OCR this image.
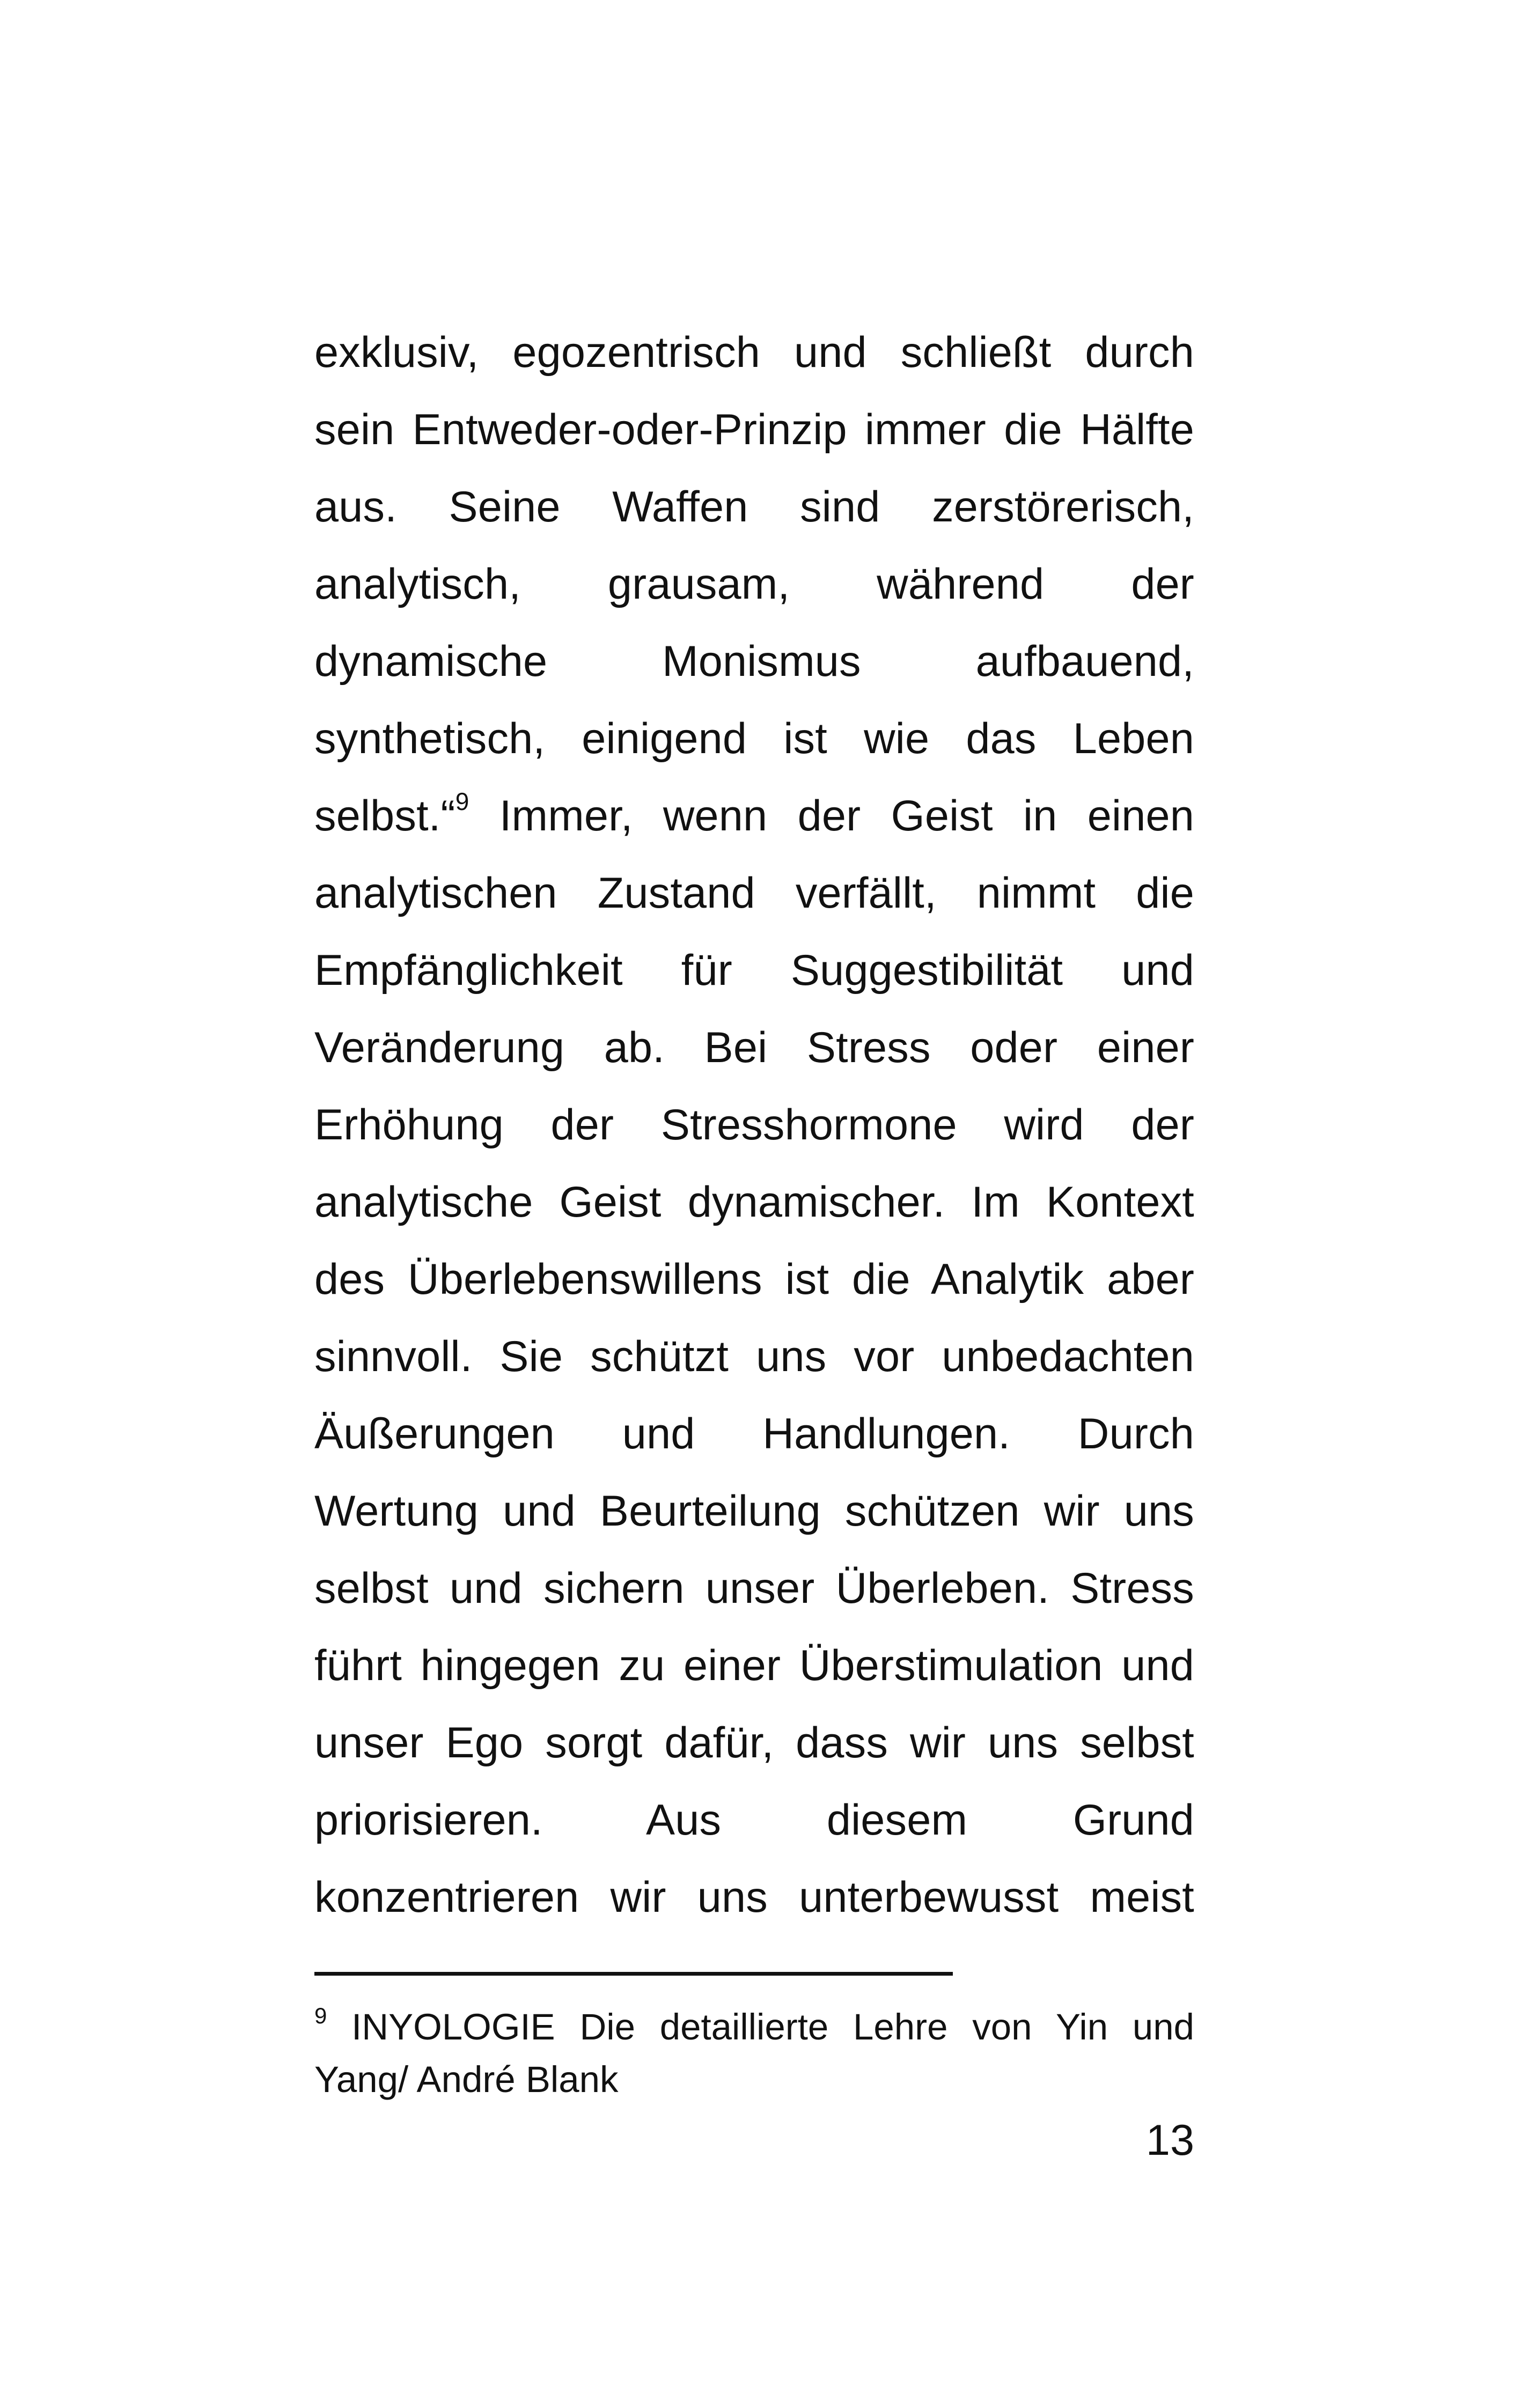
exklusiv, egozentrisch und schließt durch
sein Entweder-oder-Prinzip immer die Hälfte
aus. Seine Waffen sind zerstörerisch,
analytisch, grausam, während der
dynamische Monismus aufbauend,
synthetisch, einigend ist wie das Leben
selbst.“$^9$ Immer, wenn der Geist in einen
analytischen Zustand verfällt, nimmt die
Empfänglichkeit für Suggestibilität und
Veränderung ab. Bei Stress oder einer
Erhöhung der Stresshormone wird der
analytische Geist dynamischer. Im Kontext
des Überlebenswillens ist die Analytik aber
sinnvoll. Sie schützt uns vor unbedachten
Äußerungen und Handlungen. Durch
Wertung und Beurteilung schützen wir uns
selbst und sichern unser Überleben. Stress
führt hingegen zu einer Überstimulation und
unser Ego sorgt dafür, dass wir uns selbst
priorisieren. Aus diesem Grund
konzentrieren wir uns unterbewusst meist
$^9$ INYOLOGIE Die detaillierte Lehre von Yin und
Yang/ André Blank
13
